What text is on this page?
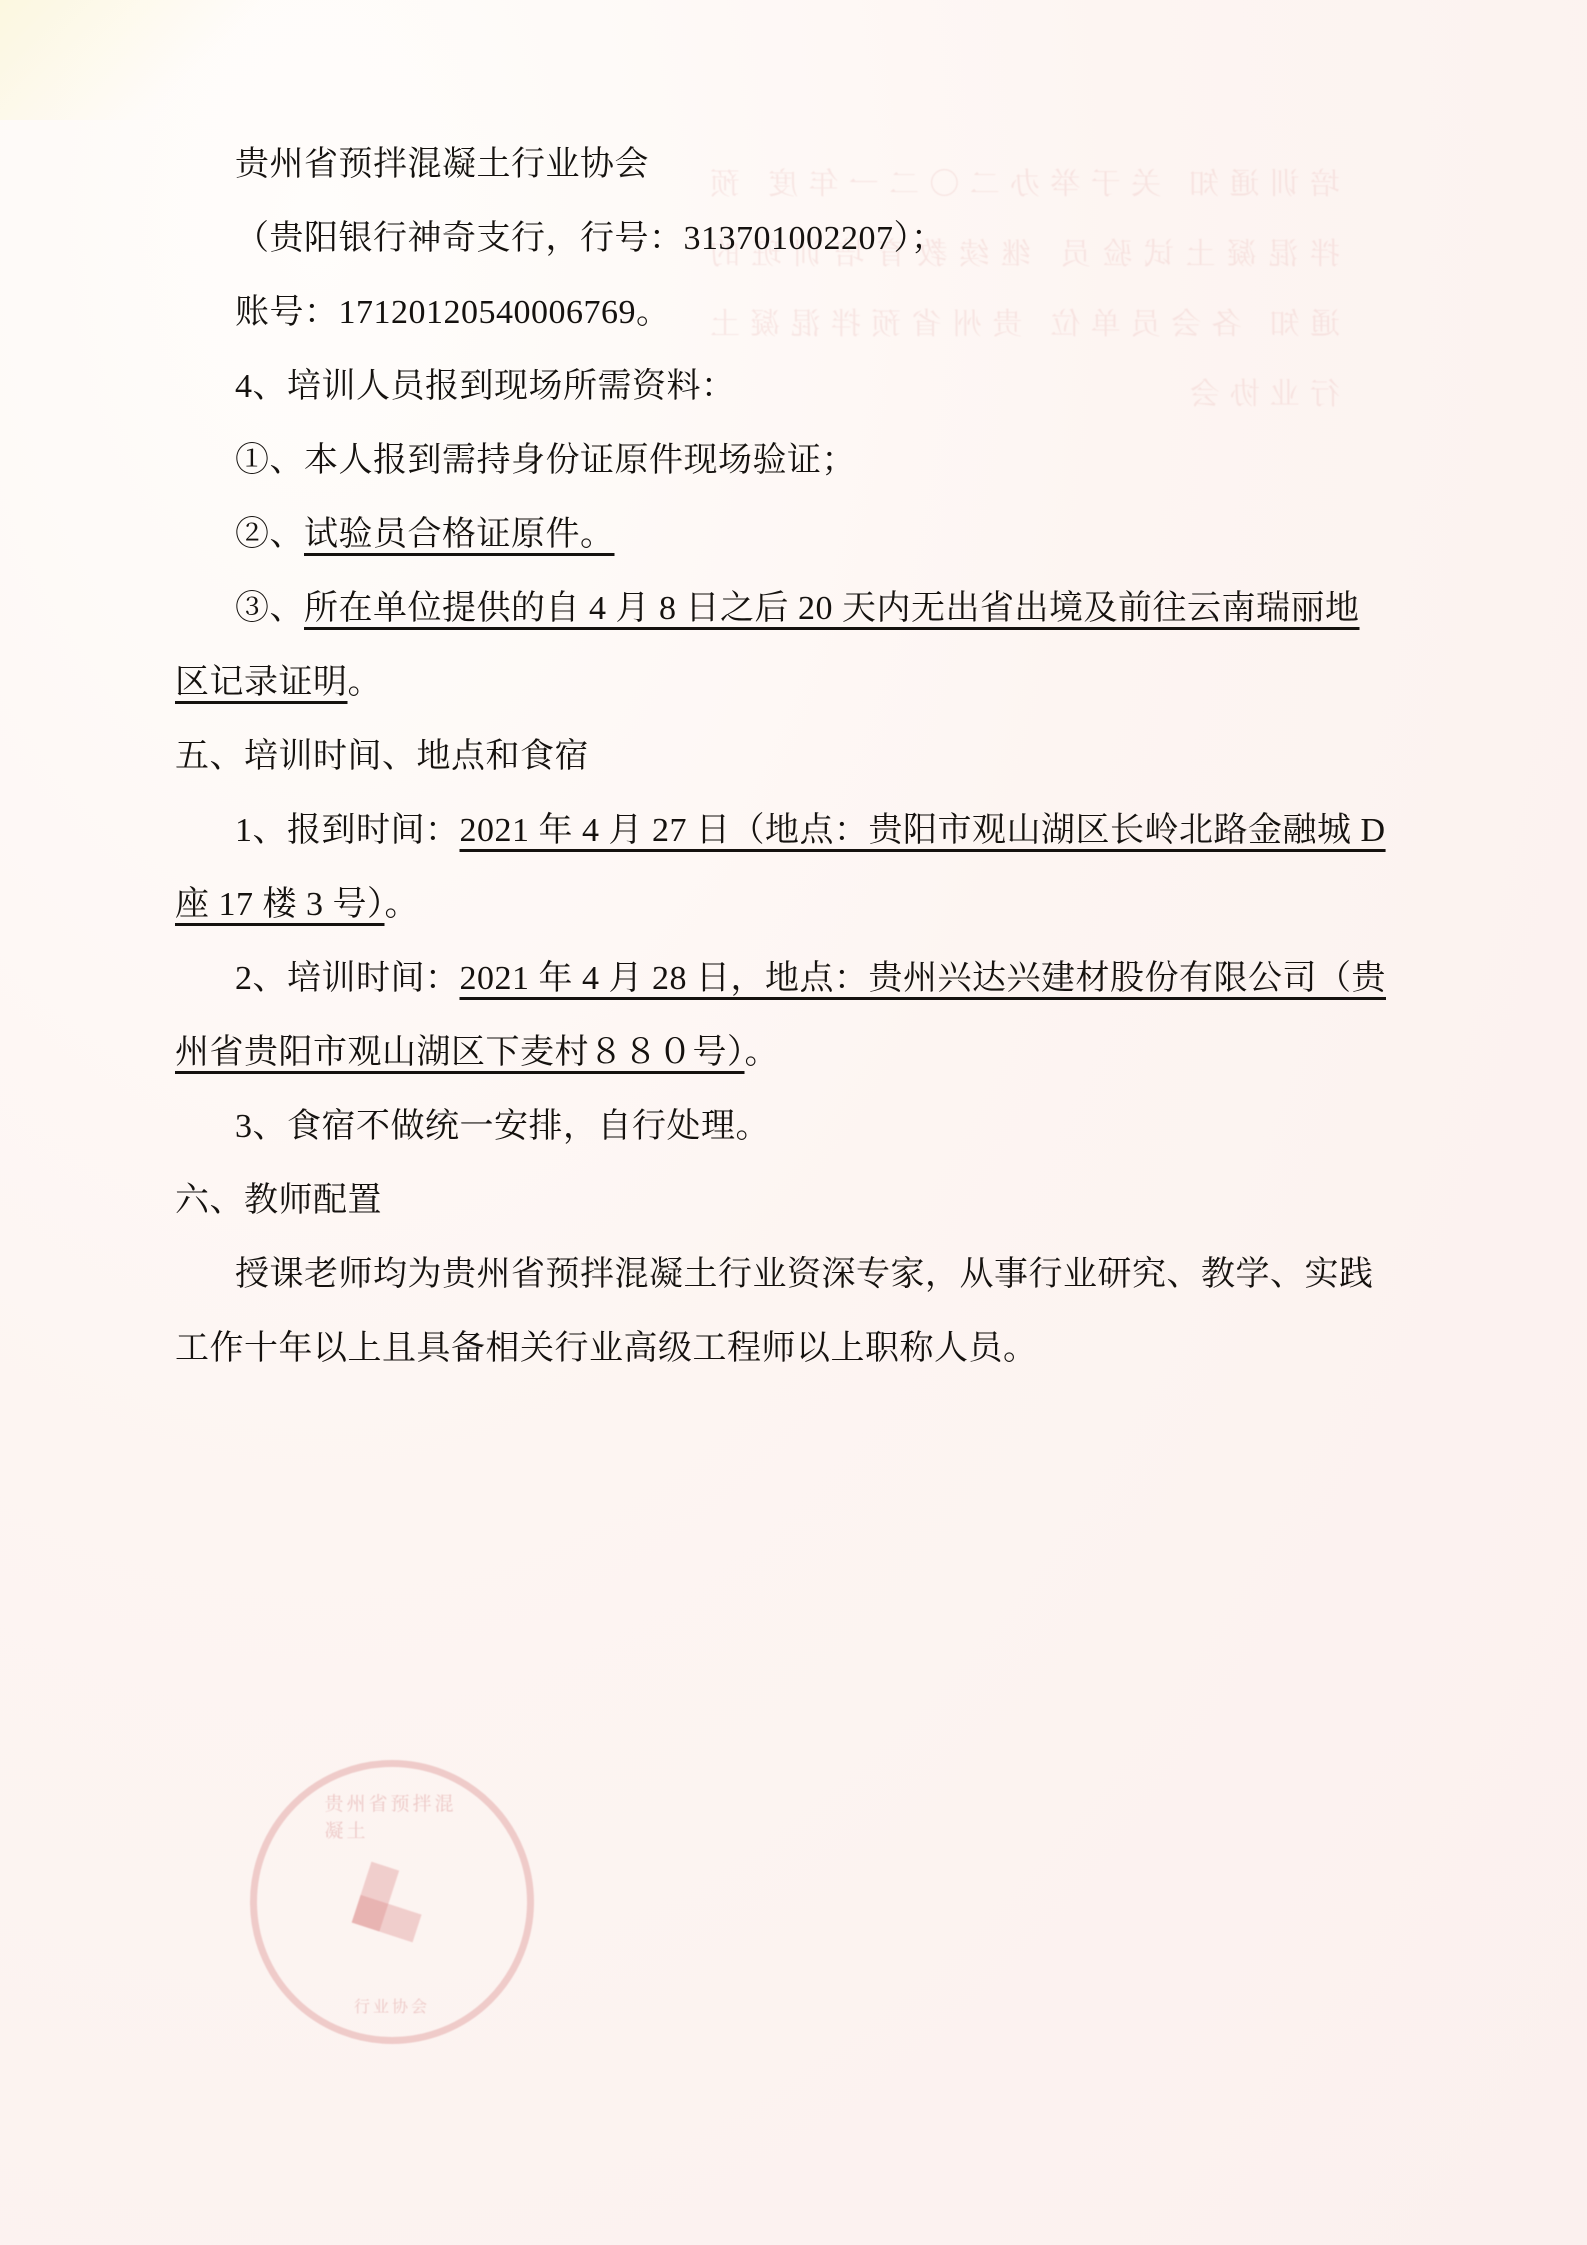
培训通知 关于举办二〇二一年度 预拌混凝土试验员 继续教育培训班的通知 各会员单位 贵州省预拌混凝土行业协会
贵州省预拌混凝土
行业协会

贵州省预拌混凝土行业协会

（贵阳银行神奇支行，行号：313701002207）；

账号：17120120540006769。

4、培训人员报到现场所需资料：

①、本人报到需持身份证原件现场验证；

②、试验员合格证原件。

③、所在单位提供的自 4 月 8 日之后 20 天内无出省出境及前往云南瑞丽地区记录证明。

五、培训时间、地点和食宿

1、报到时间：2021 年 4 月 27 日（地点：贵阳市观山湖区长岭北路金融城 D 座 17 楼 3 号）。

2、培训时间：2021 年 4 月 28 日，地点：贵州兴达兴建材股份有限公司（贵州省贵阳市观山湖区下麦村８８０号）。

3、食宿不做统一安排，自行处理。

六、教师配置

授课老师均为贵州省预拌混凝土行业资深专家，从事行业研究、教学、实践工作十年以上且具备相关行业高级工程师以上职称人员。
